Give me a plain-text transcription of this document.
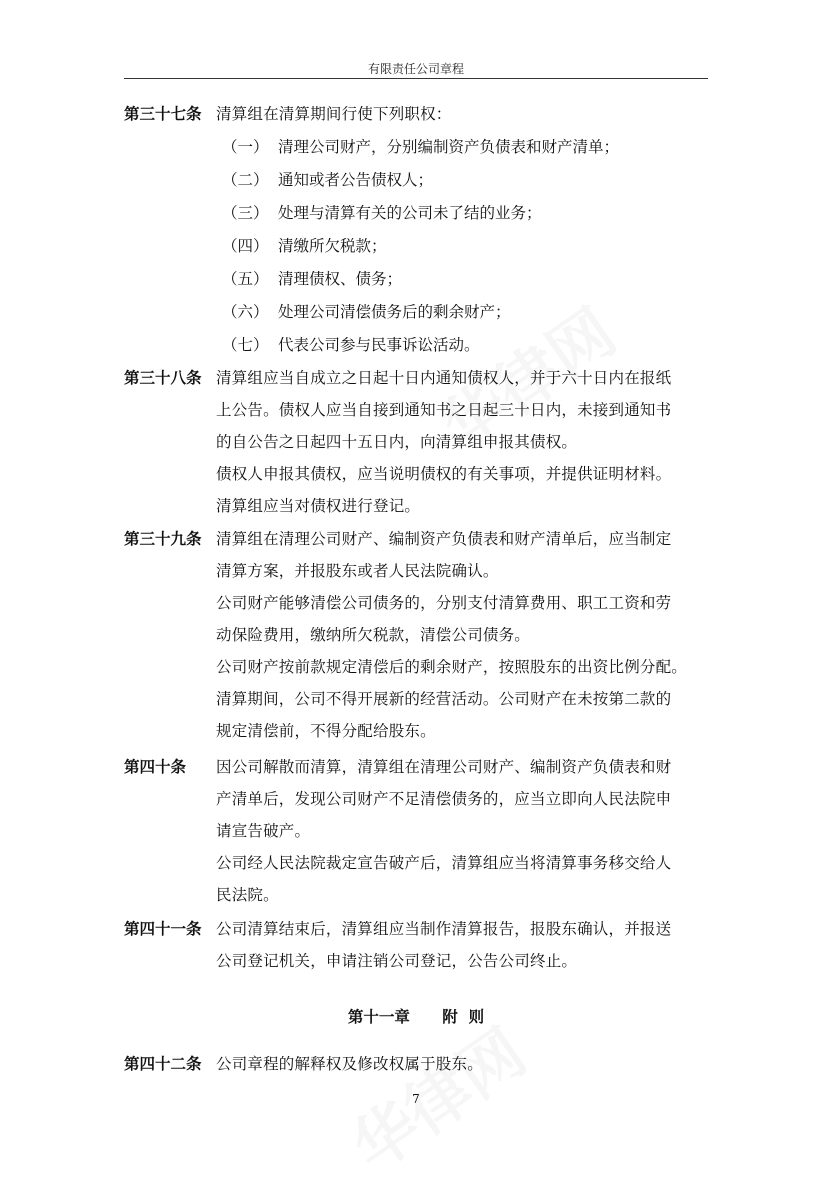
有限责任公司章程
第三十七条 清算组在清算期间行使下列职权：
（一） 清理公司财产，分别编制资产负债表和财产清单；
（二） 通知或者公告债权人；
（三） 处理与清算有关的公司未了结的业务；
（四） 清缴所欠税款；
（五） 清理债权、债务；
（六） 处理公司清偿债务后的剩余财产；
（七） 代表公司参与民事诉讼活动。
第三十八条 清算组应当自成立之日起十日内通知债权人，并于六十日内在报纸
上公告。债权人应当自接到通知书之日起三十日内，未接到通知书
的自公告之日起四十五日内，向清算组申报其债权。
债权人申报其债权，应当说明债权的有关事项，并提供证明材料。
清算组应当对债权进行登记。
第三十九条 清算组在清理公司财产、编制资产负债表和财产清单后，应当制定
清算方案，并报股东或者人民法院确认。
公司财产能够清偿公司债务的，分别支付清算费用、职工工资和劳
动保险费用，缴纳所欠税款，清偿公司债务。
公司财产按前款规定清偿后的剩余财产，按照股东的出资比例分配。
清算期间，公司不得开展新的经营活动。公司财产在未按第二款的
规定清偿前，不得分配给股东。
第四十条 因公司解散而清算，清算组在清理公司财产、编制资产负债表和财
产清单后，发现公司财产不足清偿债务的，应当立即向人民法院申
请宣告破产。
公司经人民法院裁定宣告破产后，清算组应当将清算事务移交给人
民法院。
第四十一条 公司清算结束后，清算组应当制作清算报告，报股东确认，并报送
公司登记机关，申请注销公司登记，公告公司终止。
第十一章      附  则
第四十二条 公司章程的解释权及修改权属于股东。
7
